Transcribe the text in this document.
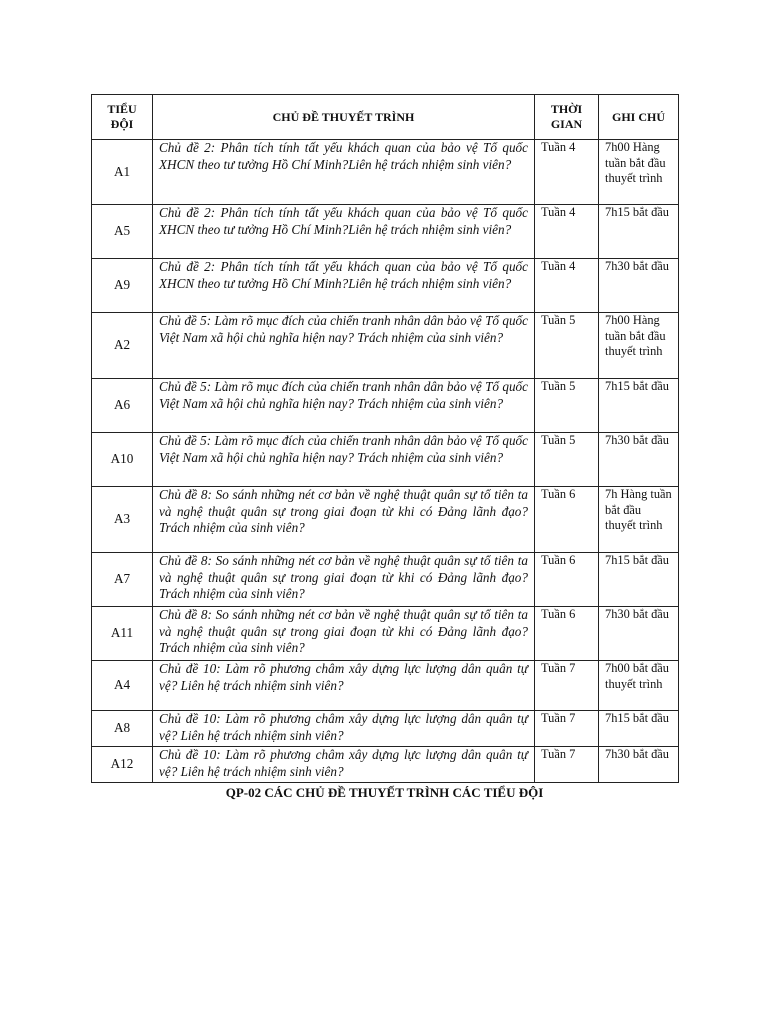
TIỂU ĐỘI	CHỦ ĐỀ THUYẾT TRÌNH	THỜI GIAN	GHI CHÚ
A1	Chủ đề 2: Phân tích tính tất yếu khách quan của bảo vệ Tổ quốc XHCN theo tư tưởng Hồ Chí Minh?Liên hệ trách nhiệm sinh viên?	Tuần 4	7h00 Hàng tuần bắt đầu thuyết trình
A5	Chủ đề 2: Phân tích tính tất yếu khách quan của bảo vệ Tổ quốc XHCN theo tư tưởng Hồ Chí Minh?Liên hệ trách nhiệm sinh viên?	Tuần 4	7h15 bắt đầu
A9	Chủ đề 2: Phân tích tính tất yếu khách quan của bảo vệ Tổ quốc XHCN theo tư tưởng Hồ Chí Minh?Liên hệ trách nhiệm sinh viên?	Tuần 4	7h30 bắt đầu
A2	Chủ đề 5: Làm rõ mục đích của chiến tranh nhân dân bảo vệ Tổ quốc Việt Nam xã hội chủ nghĩa hiện nay? Trách nhiệm của sinh viên?	Tuần 5	7h00 Hàng tuần bắt đầu thuyết trình
A6	Chủ đề 5: Làm rõ mục đích của chiến tranh nhân dân bảo vệ Tổ quốc Việt Nam xã hội chủ nghĩa hiện nay? Trách nhiệm của sinh viên?	Tuần 5	7h15 bắt đầu
A10	Chủ đề 5: Làm rõ mục đích của chiến tranh nhân dân bảo vệ Tổ quốc Việt Nam xã hội chủ nghĩa hiện nay? Trách nhiệm của sinh viên?	Tuần 5	7h30 bắt đầu
A3	Chủ đề 8: So sánh những nét cơ bản về nghệ thuật quân sự tổ tiên ta và nghệ thuật quân sự trong giai đoạn từ khi có Đảng lãnh đạo? Trách nhiệm của sinh viên?	Tuần 6	7h Hàng tuần bắt đầu thuyết trình
A7	Chủ đề 8: So sánh những nét cơ bản về nghệ thuật quân sự tổ tiên ta và nghệ thuật quân sự trong giai đoạn từ khi có Đảng lãnh đạo? Trách nhiệm của sinh viên?	Tuần 6	7h15 bắt đầu
A11	Chủ đề 8: So sánh những nét cơ bản về nghệ thuật quân sự tổ tiên ta và nghệ thuật quân sự trong giai đoạn từ khi có Đảng lãnh đạo? Trách nhiệm của sinh viên?	Tuần 6	7h30 bắt đầu
A4	Chủ đề 10: Làm rõ phương châm xây dựng lực lượng dân quân tự vệ? Liên hệ trách nhiệm sinh viên?	Tuần 7	7h00 bắt đầu thuyết trình
A8	Chủ đề 10: Làm rõ phương châm xây dựng lực lượng dân quân tự vệ? Liên hệ trách nhiệm sinh viên?	Tuần 7	7h15 bắt đầu
A12	Chủ đề 10: Làm rõ phương châm xây dựng lực lượng dân quân tự vệ? Liên hệ trách nhiệm sinh viên?	Tuần 7	7h30 bắt đầu
QP-02 CÁC CHỦ ĐỀ THUYẾT TRÌNH CÁC TIỂU ĐỘI
